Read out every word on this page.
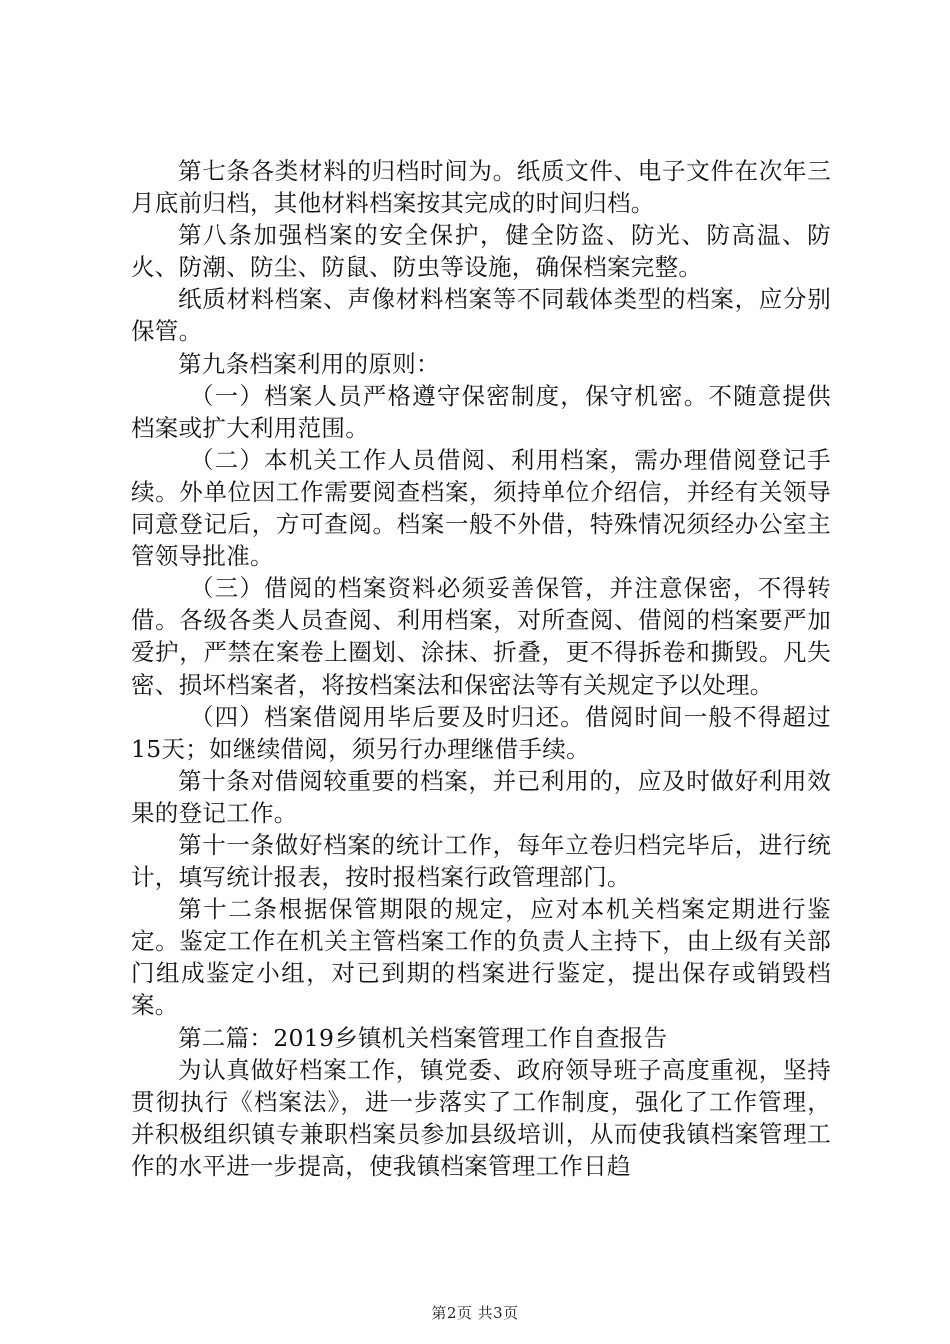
第七条各类材料的归档时间为。纸质文件、电子文件在次年三月底前归档，其他材料档案按其完成的时间归档。

第八条加强档案的安全保护，健全防盗、防光、防高温、防火、防潮、防尘、防鼠、防虫等设施，确保档案完整。

纸质材料档案、声像材料档案等不同载体类型的档案，应分别保管。

第九条档案利用的原则：

（一）档案人员严格遵守保密制度，保守机密。不随意提供档案或扩大利用范围。

（二）本机关工作人员借阅、利用档案，需办理借阅登记手续。外单位因工作需要阅查档案，须持单位介绍信，并经有关领导同意登记后，方可查阅。档案一般不外借，特殊情况须经办公室主管领导批准。

（三）借阅的档案资料必须妥善保管，并注意保密，不得转借。各级各类人员查阅、利用档案，对所查阅、借阅的档案要严加爱护，严禁在案卷上圈划、涂抹、折叠，更不得拆卷和撕毁。凡失密、损坏档案者，将按档案法和保密法等有关规定予以处理。

（四）档案借阅用毕后要及时归还。借阅时间一般不得超过15天；如继续借阅，须另行办理继借手续。

第十条对借阅较重要的档案，并已利用的，应及时做好利用效果的登记工作。

第十一条做好档案的统计工作，每年立卷归档完毕后，进行统计，填写统计报表，按时报档案行政管理部门。

第十二条根据保管期限的规定，应对本机关档案定期进行鉴定。鉴定工作在机关主管档案工作的负责人主持下，由上级有关部门组成鉴定小组，对已到期的档案进行鉴定，提出保存或销毁档案。

第二篇：2019乡镇机关档案管理工作自查报告

为认真做好档案工作，镇党委、政府领导班子高度重视，坚持贯彻执行《档案法》，进一步落实了工作制度，强化了工作管理，并积极组织镇专兼职档案员参加县级培训，从而使我镇档案管理工作的水平进一步提高，使我镇档案管理工作日趋

第2页 共3页
